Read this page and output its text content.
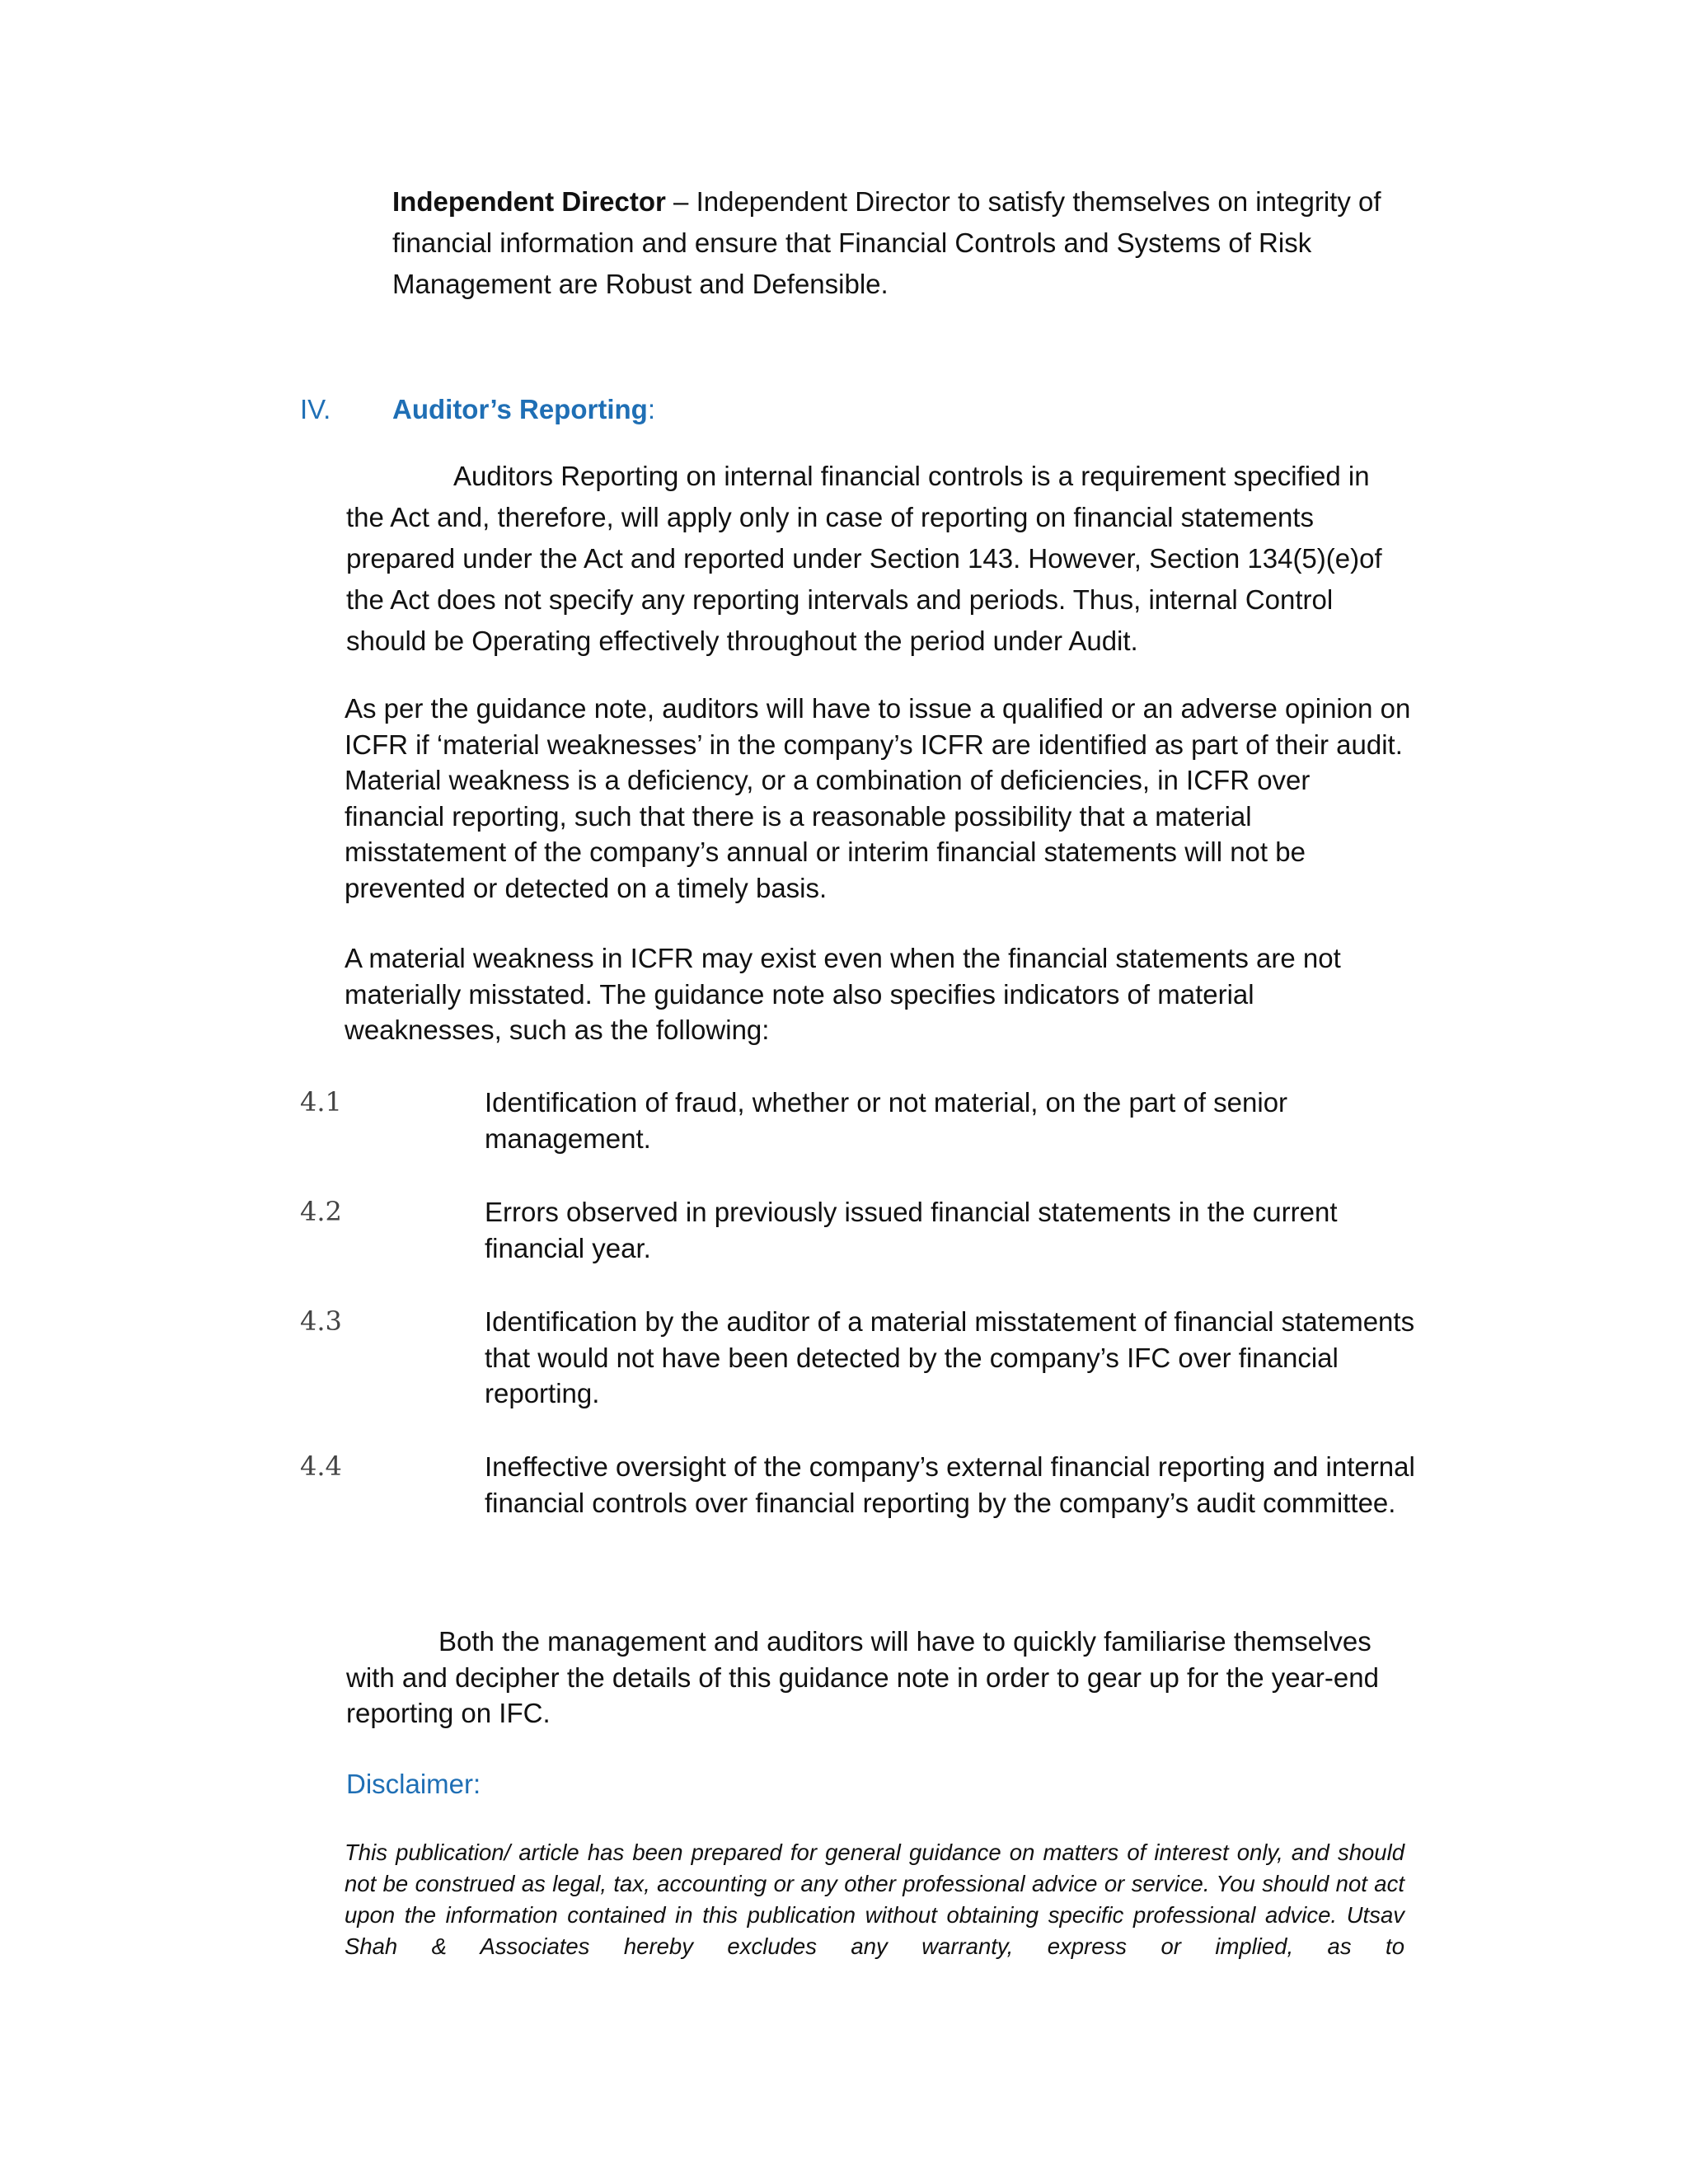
Independent Director – Independent Director to satisfy themselves on integrity of financial information and ensure that Financial Controls and Systems of Risk Management are Robust and Defensible.

IV. Auditor’s Reporting:

Auditors Reporting on internal financial controls is a requirement specified in the Act and, therefore, will apply only in case of reporting on financial statements prepared under the Act and reported under Section 143. However, Section 134(5)(e)of the Act does not specify any reporting intervals and periods. Thus, internal Control should be Operating effectively throughout the period under Audit.

As per the guidance note, auditors will have to issue a qualified or an adverse opinion on ICFR if ‘material weaknesses’ in the company’s ICFR are identified as part of their audit. Material weakness is a deficiency, or a combination of deficiencies, in ICFR over financial reporting, such that there is a reasonable possibility that a material misstatement of the company’s annual or interim financial statements will not be prevented or detected on a timely basis.

A material weakness in ICFR may exist even when the financial statements are not materially misstated. The guidance note also specifies indicators of material weaknesses, such as the following:

4.1	Identification of fraud, whether or not material, on the part of senior management.
4.2	Errors observed in previously issued financial statements in the current financial year.
4.3	Identification by the auditor of a material misstatement of financial statements that would not have been detected by the company’s IFC over financial reporting.
4.4	Ineffective oversight of the company’s external financial reporting and internal financial controls over financial reporting by the company’s audit committee.

Both the management and auditors will have to quickly familiarise themselves with and decipher the details of this guidance note in order to gear up for the year-end reporting on IFC.

Disclaimer:

This publication/ article has been prepared for general guidance on matters of interest only, and should not be construed as legal, tax, accounting or any other professional advice or service. You should not act upon the information contained in this publication without obtaining specific professional advice. Utsav Shah & Associates hereby excludes any warranty, express or implied, as to
